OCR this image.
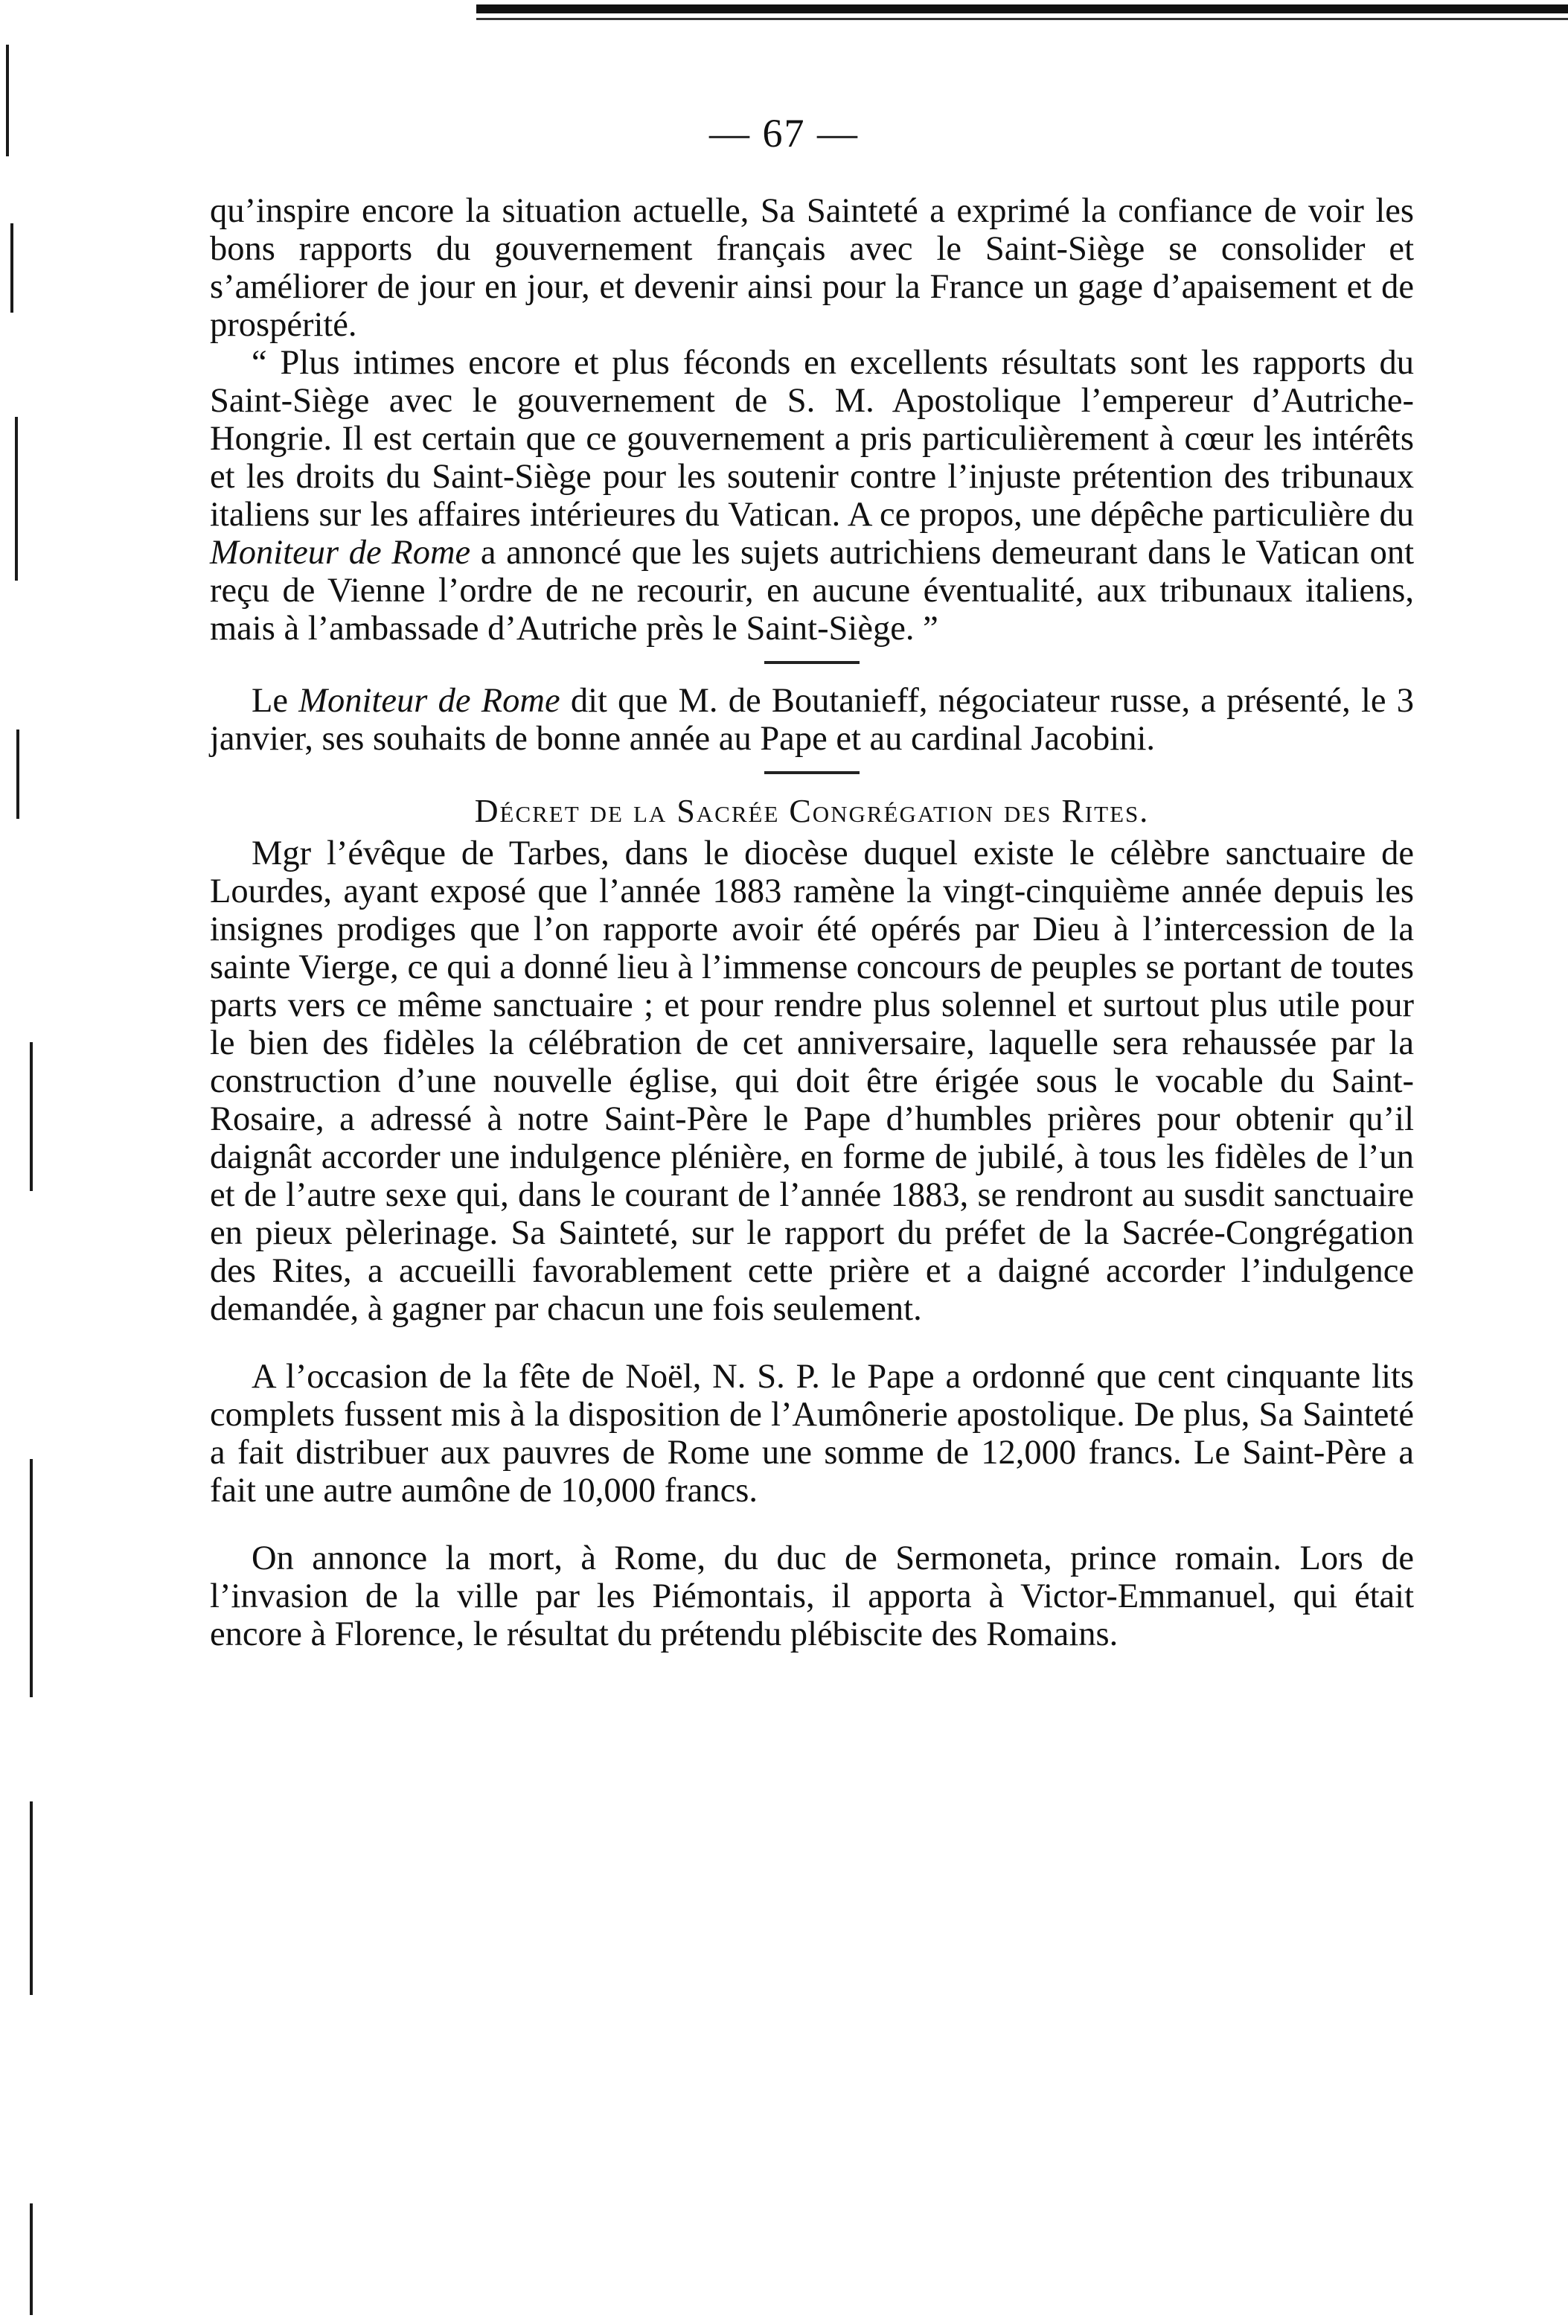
— 67 —

qu’inspire encore la situation actuelle, Sa Sainteté a exprimé la confiance de voir les bons rapports du gouvernement français avec le Saint-Siège se consolider et s’améliorer de jour en jour, et devenir ainsi pour la France un gage d’apaisement et de prospérité.

“ Plus intimes encore et plus féconds en excellents résultats sont les rapports du Saint-Siège avec le gouvernement de S. M. Apostolique l’empereur d’Autriche-Hongrie. Il est certain que ce gouvernement a pris particulièrement à cœur les intérêts et les droits du Saint-Siège pour les soutenir contre l’injuste prétention des tribunaux italiens sur les affaires intérieures du Vatican. A ce propos, une dépêche particulière du Moniteur de Rome a annoncé que les sujets autrichiens demeurant dans le Vatican ont reçu de Vienne l’ordre de ne recourir, en aucune éventualité, aux tribunaux italiens, mais à l’ambassade d’Autriche près le Saint-Siège. ”

Le Moniteur de Rome dit que M. de Boutanieff, négociateur russe, a présenté, le 3 janvier, ses souhaits de bonne année au Pape et au cardinal Jacobini.

Décret de la Sacrée Congrégation des Rites.

Mgr l’évêque de Tarbes, dans le diocèse duquel existe le célèbre sanctuaire de Lourdes, ayant exposé que l’année 1883 ramène la vingt-cinquième année depuis les insignes prodiges que l’on rapporte avoir été opérés par Dieu à l’intercession de la sainte Vierge, ce qui a donné lieu à l’immense concours de peuples se portant de toutes parts vers ce même sanctuaire ; et pour rendre plus solennel et surtout plus utile pour le bien des fidèles la célébration de cet anniversaire, laquelle sera rehaussée par la construction d’une nouvelle église, qui doit être érigée sous le vocable du Saint-Rosaire, a adressé à notre Saint-Père le Pape d’humbles prières pour obtenir qu’il daignât accorder une indulgence plénière, en forme de jubilé, à tous les fidèles de l’un et de l’autre sexe qui, dans le courant de l’année 1883, se rendront au susdit sanctuaire en pieux pèlerinage. Sa Sainteté, sur le rapport du préfet de la Sacrée-Congrégation des Rites, a accueilli favorablement cette prière et a daigné accorder l’indulgence demandée, à gagner par chacun une fois seulement.

A l’occasion de la fête de Noël, N. S. P. le Pape a ordonné que cent cinquante lits complets fussent mis à la disposition de l’Aumônerie apostolique. De plus, Sa Sainteté a fait distribuer aux pauvres de Rome une somme de 12,000 francs. Le Saint-Père a fait une autre aumône de 10,000 francs.

On annonce la mort, à Rome, du duc de Sermoneta, prince romain. Lors de l’invasion de la ville par les Piémontais, il apporta à Victor-Emmanuel, qui était encore à Florence, le résultat du prétendu plébiscite des Romains.
